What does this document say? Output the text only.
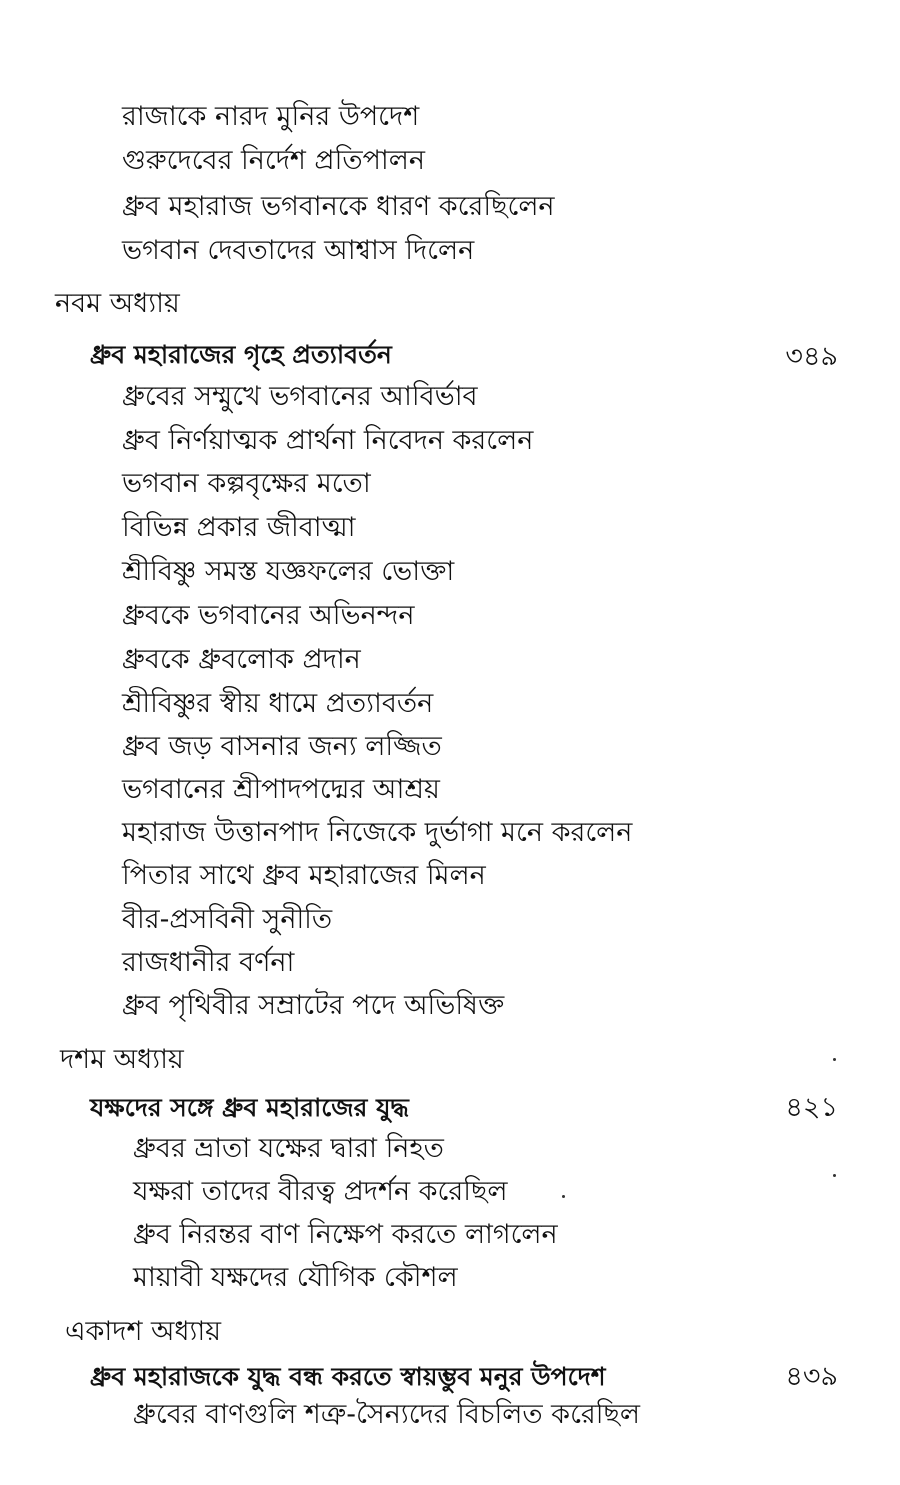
রাজাকে নারদ মুনির উপদেশ
গুরুদেবের নির্দেশ প্রতিপালন
ধ্রুব মহারাজ ভগবানকে ধারণ করেছিলেন
ভগবান দেবতাদের আশ্বাস দিলেন
নবম অধ্যায়
ধ্রুব মহারাজের গৃহে প্রত্যাবর্তন	৩৪৯
ধ্রুবের সম্মুখে ভগবানের আবির্ভাব
ধ্রুব নির্ণয়াত্মক প্রার্থনা নিবেদন করলেন
ভগবান কল্পবৃক্ষের মতো
বিভিন্ন প্রকার জীবাত্মা
শ্রীবিষ্ণু সমস্ত যজ্ঞফলের ভোক্তা
ধ্রুবকে ভগবানের অভিনন্দন
ধ্রুবকে ধ্রুবলোক প্রদান
শ্রীবিষ্ণুর স্বীয় ধামে প্রত্যাবর্তন
ধ্রুব জড় বাসনার জন্য লজ্জিত
ভগবানের শ্রীপাদপদ্মের আশ্রয়
মহারাজ উত্তানপাদ নিজেকে দুর্ভাগা মনে করলেন
পিতার সাথে ধ্রুব মহারাজের মিলন
বীর-প্রসবিনী সুনীতি
রাজধানীর বর্ণনা
ধ্রুব পৃথিবীর সম্রাটের পদে অভিষিক্ত
দশম অধ্যায়
যক্ষদের সঙ্গে ধ্রুব মহারাজের যুদ্ধ	৪২১
ধ্রুবর ভ্রাতা যক্ষের দ্বারা নিহত
যক্ষরা তাদের বীরত্ব প্রদর্শন করেছিল
ধ্রুব নিরন্তর বাণ নিক্ষেপ করতে লাগলেন
মায়াবী যক্ষদের যৌগিক কৌশল
একাদশ অধ্যায়
ধ্রুব মহারাজকে যুদ্ধ বন্ধ করতে স্বায়ম্ভুব মনুর উপদেশ	৪৩৯
ধ্রুবের বাণগুলি শত্রু-সৈন্যদের বিচলিত করেছিল
